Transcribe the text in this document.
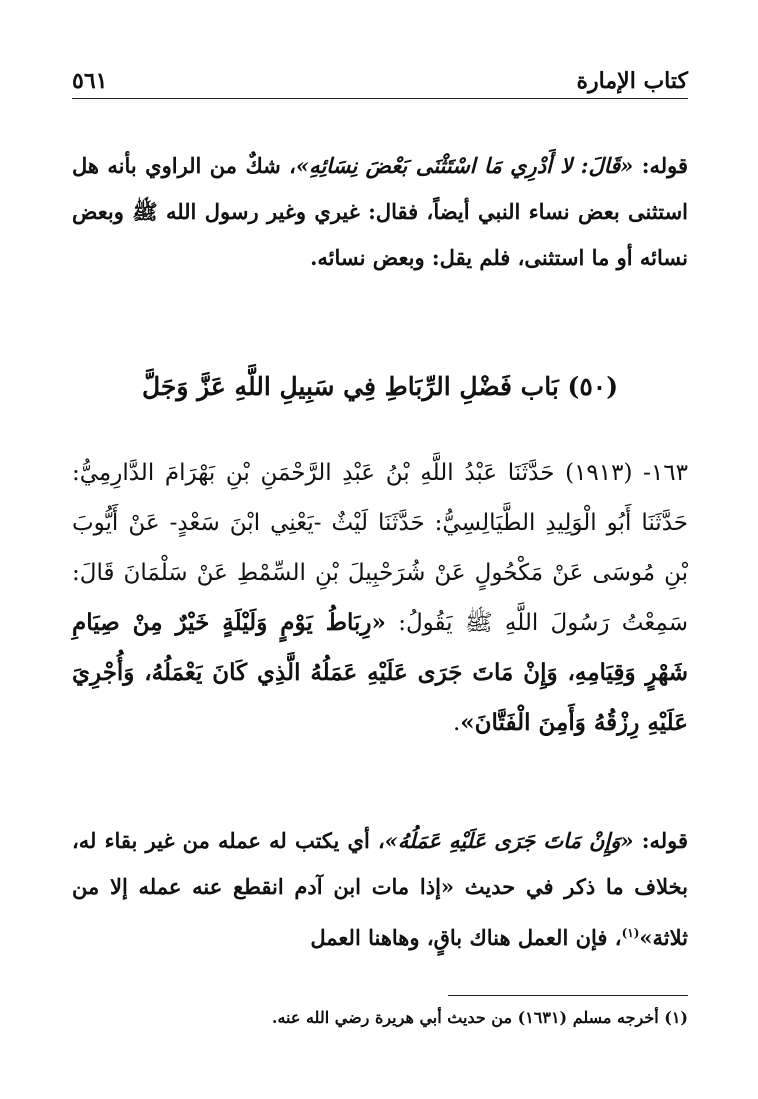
كتاب الإمارة
٥٦١

قوله: «قَالَ: لا أَدْرِي مَا اسْتَثْنَى بَعْضَ نِسَائِهِ»، شكٌ من الراوي بأنه هل استثنى بعض نساء النبي أيضاً، فقال: غيري وغير رسول الله ﷺ وبعض نسائه أو ما استثنى، فلم يقل: وبعض نسائه.

(٥٠) بَاب فَضْلِ الرِّبَاطِ فِي سَبِيلِ اللَّهِ عَزَّ وَجَلَّ

١٦٣- (١٩١٣) حَدَّثَنَا عَبْدُ اللَّهِ بْنُ عَبْدِ الرَّحْمَنِ بْنِ بَهْرَامَ الدَّارِمِيُّ: حَدَّثَنَا أَبُو الْوَلِيدِ الطَّيَالِسِيُّ: حَدَّثَنَا لَيْثٌ -يَعْنِي ابْنَ سَعْدٍ- عَنْ أَيُّوبَ بْنِ مُوسَى عَنْ مَكْحُولٍ عَنْ شُرَحْبِيلَ بْنِ السِّمْطِ عَنْ سَلْمَانَ قَالَ: سَمِعْتُ رَسُولَ اللَّهِ ﷺ يَقُولُ: «رِبَاطُ يَوْمٍ وَلَيْلَةٍ خَيْرٌ مِنْ صِيَامِ شَهْرٍ وَقِيَامِهِ، وَإِنْ مَاتَ جَرَى عَلَيْهِ عَمَلُهُ الَّذِي كَانَ يَعْمَلُهُ، وَأُجْرِيَ عَلَيْهِ رِزْقُهُ وَأَمِنَ الْفَتَّانَ».

قوله: «وَإِنْ مَاتَ جَرَى عَلَيْهِ عَمَلُهُ»، أي يكتب له عمله من غير بقاء له، بخلاف ما ذكر في حديث «إذا مات ابن آدم انقطع عنه عمله إلا من ثلاثة»$^{(١)}$، فإن العمل هناك باقٍ، وهاهنا العمل

(١) أخرجه مسلم (١٦٣١) من حديث أبي هريرة رضي الله عنه.
